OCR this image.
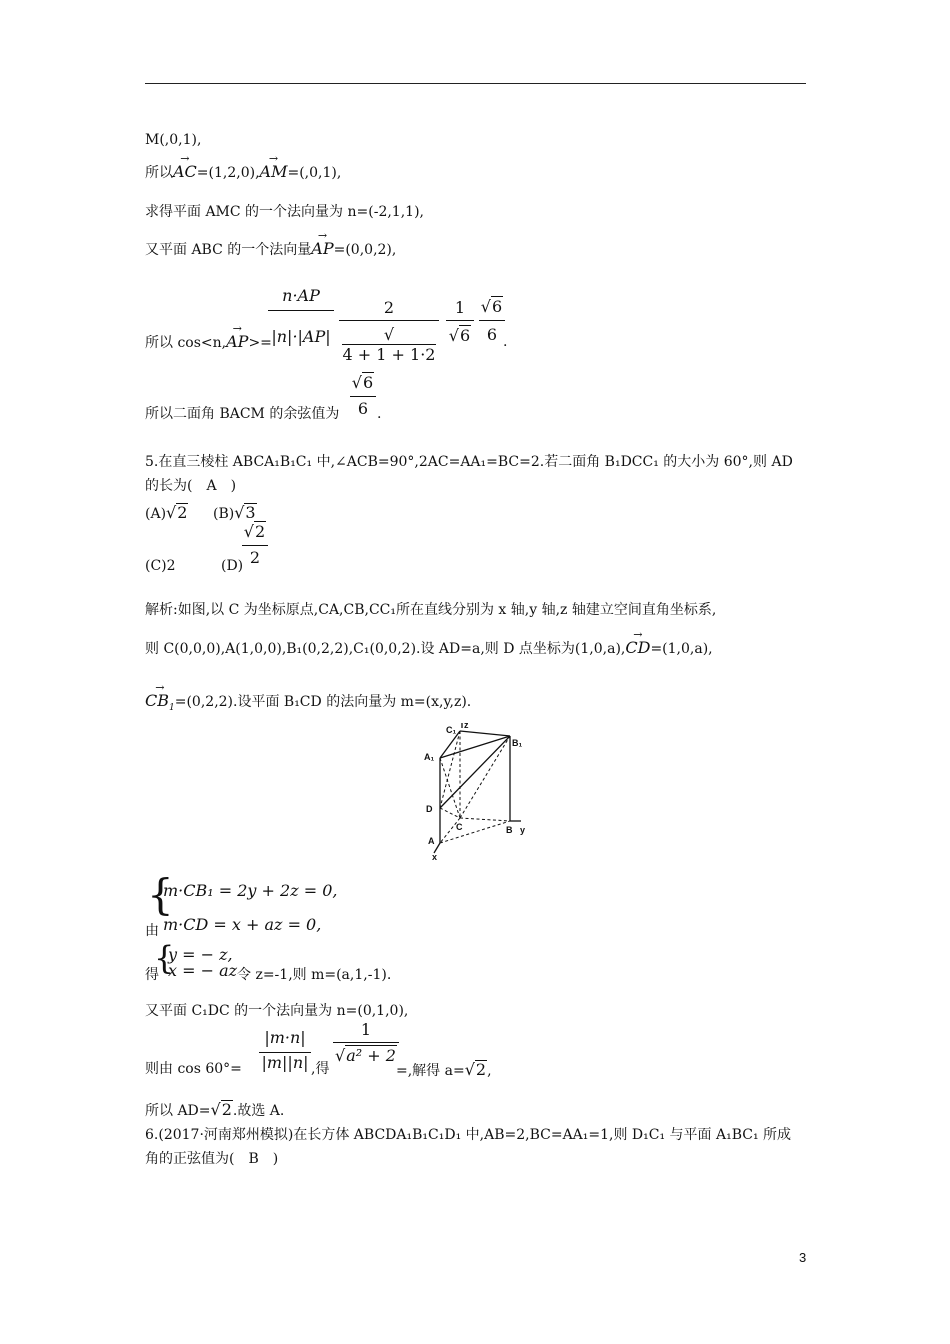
M(,0,1),
所以→ AC=(1,2,0),→ AM=(,0,1),
求得平面 AMC 的一个法向量为 n=(-2,1,1),
又平面 ABC 的一个法向量→ AP=(0,0,2),
所以 cos<n,→ AP>=
$\frac{n\cdot AP}{|n|\cdot|AP|} \frac{2}{√4 + 1 + 1\cdot 2} \frac{1}{√6} \frac{√6}{6}$
.
所以二面角 BACM 的余弦值为 $\frac{√6}{6}$ .
5.在直三棱柱 ABCA₁B₁C₁ 中,∠ACB=90°,2AC=AA₁=BC=2.若二面角 B₁DCC₁ 的大小为 60°,则 AD
的长为(　A　)
(A)√2 (B)√3
(C)2	(D)
$\frac{√2}{2}$
解析:如图,以 C 为坐标原点,CA,CB,CC₁所在直线分别为 x 轴,y 轴,z 轴建立空间直角坐标系,
则 C(0,0,0),A(1,0,0),B₁(0,2,2),C₁(0,0,2).设 AD=a,则 D 点坐标为(1,0,a),→ CD=(1,0,a),
→ $CB_1=(0,2,2)$.设平面 B₁CD 的法向量为 m=(x,y,z).
C₁ z
B₁
A₁
D
C	B y
A
x
{
m·CB₁ = 2y + 2z = 0,
m·CD = x + az = 0,
由
{
y = − z,
x = − az
得	令 z=-1,则 m=(a,1,-1).
又平面 C₁DC 的一个法向量为 n=(0,1,0),
则由 $\cos 60^\circ= \frac{|m\cdot n|}{|m||n|}$ ,得
$\frac{1}{\text{√a² + 2}}$
=,解得 a=√2,
所以 AD=√2.故选 A.
6.(2017·河南郑州模拟)在长方体 ABCDA₁B₁C₁D₁ 中,AB=2,BC=AA₁=1,则 D₁C₁ 与平面 A₁BC₁ 所成
角的正弦值为(　B　)
3
